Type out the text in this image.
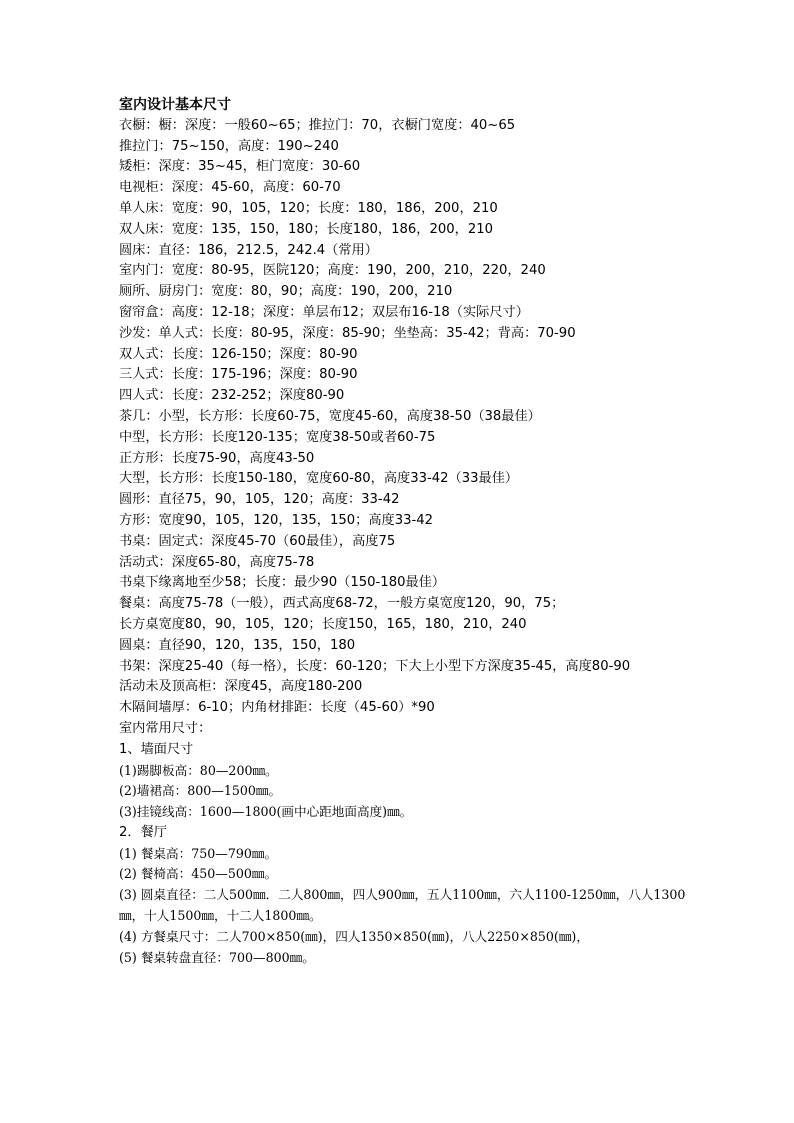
室内设计基本尺寸
衣橱：橱：深度：一般60~65；推拉门：70，衣橱门宽度：40~65
推拉门：75~150，高度：190~240
矮柜：深度：35~45，柜门宽度：30-60
电视柜：深度：45-60，高度：60-70
单人床：宽度：90，105，120；长度：180，186，200，210
双人床：宽度：135，150，180；长度180，186，200，210
圆床：直径：186，212.5，242.4（常用）
室内门：宽度：80-95，医院120；高度：190，200，210，220，240
厕所、厨房门：宽度：80，90；高度：190，200，210
窗帘盒：高度：12-18；深度：单层布12；双层布16-18（实际尺寸）
沙发：单人式：长度：80-95，深度：85-90；坐垫高：35-42；背高：70-90
双人式：长度：126-150；深度：80-90
三人式：长度：175-196；深度：80-90
四人式：长度：232-252；深度80-90
茶几：小型，长方形：长度60-75，宽度45-60，高度38-50（38最佳）
中型，长方形：长度120-135；宽度38-50或者60-75
正方形：长度75-90，高度43-50
大型，长方形：长度150-180，宽度60-80，高度33-42（33最佳）
圆形：直径75，90，105，120；高度：33-42
方形：宽度90，105，120，135，150；高度33-42
书桌：固定式：深度45-70（60最佳），高度75
活动式：深度65-80，高度75-78
书桌下缘离地至少58；长度：最少90（150-180最佳）
餐桌：高度75-78（一般），西式高度68-72，一般方桌宽度120，90，75；
长方桌宽度80，90，105，120；长度150，165，180，210，240
圆桌：直径90，120，135，150，180
书架：深度25-40（每一格），长度：60-120；下大上小型下方深度35-45，高度80-90
活动未及顶高柜：深度45，高度180-200
木隔间墙厚：6-10；内角材排距：长度（45-60）*90
室内常用尺寸：
1、墙面尺寸
(1)踢脚板高：80—200㎜。
(2)墙裙高：800—1500㎜。
(3)挂镜线高：1600—1800(画中心距地面高度)㎜。
2．餐厅
(1) 餐桌高：750—790㎜。
(2) 餐椅高：450—500㎜。
(3) 圆桌直径：二人500㎜．二人800㎜，四人900㎜，五人1100㎜，六人1100-1250㎜，八人1300㎜，十人1500㎜，十二人1800㎜。
(4) 方餐桌尺寸：二人700×850(㎜)，四人1350×850(㎜)，八人2250×850(㎜)，
(5) 餐桌转盘直径：700—800㎜。
